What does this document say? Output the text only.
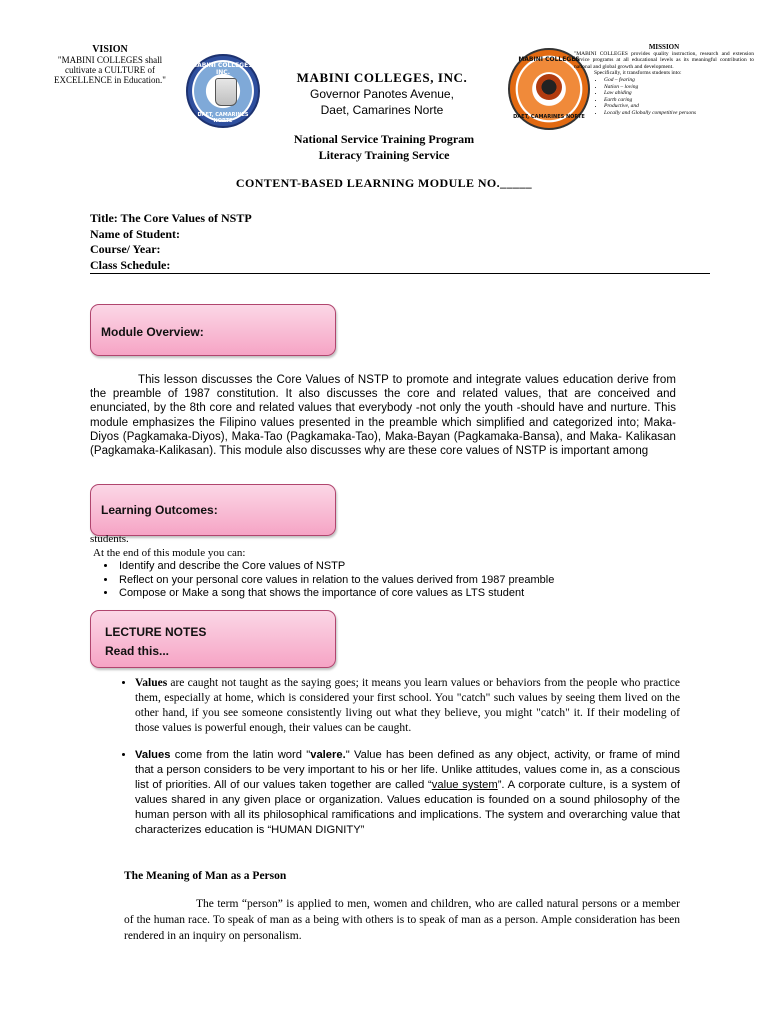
VISION
"MABINI COLLEGES shall
cultivate a CULTURE of
EXCELLENCE in Education."
MABINI COLLEGES, INC.
DAET, CAMARINES NORTE
MABINI COLLEGES, INC.
Governor Panotes Avenue,
Daet, Camarines Norte
MABINI COLLEGES
DAET, CAMARINES NORTE
MISSION
"MABINI COLLEGES provides quality instruction, research and extension service programs at all educational levels as its meaningful contribution to national and global growth and development.
Specifically, it transforms students into:
• God – fearing
• Nation – loving
• Law abiding
• Earth caring
• Productive, and
• Locally and Globally competitive persons
National Service Training Program
Literacy Training Service
CONTENT-BASED LEARNING MODULE NO._____
Title: The Core Values of NSTP
Name of Student:
Course/ Year:
Class Schedule:
Module Overview:

This lesson discusses the Core Values of NSTP to promote and integrate values education derive from the preamble of 1987 constitution. It also discusses the core and related values, that are conceived and enunciated, by the 8th core and related values that everybody -not only the youth -should have and nurture. This module emphasizes the Filipino values presented in the preamble which simplified and categorized into; Maka-Diyos (Pagkamaka-Diyos), Maka-Tao (Pagkamaka-Tao), Maka-Bayan (Pagkamaka-Bansa), and Maka- Kalikasan (Pagkamaka-Kalikasan). This module also discusses why are these core values of NSTP is important among

Learning Outcomes:
students.
At the end of this module you can:
• Identify and describe the Core values of NSTP
• Reflect on your personal core values in relation to the values derived from 1987 preamble
• Compose or Make a song that shows the importance of core values as LTS student
LECTURE NOTES
Read this...
• Values are caught not taught as the saying goes; it means you learn values or behaviors from the people who practice them, especially at home, which is considered your first school. You "catch" such values by seeing them lived on the other hand, if you see someone consistently living out what they believe, you might "catch" it. If their modeling of those values is powerful enough, their values can be caught.
• Values come from the latin word "valere." Value has been defined as any object, activity, or frame of mind that a person considers to be very important to his or her life. Unlike attitudes, values come in, as a conscious list of priorities. All of our values taken together are called “value system”. A corporate culture, is a system of values shared in any given place or organization. Values education is founded on a sound philosophy of the human person with all its philosophical ramifications and implications. The system and overarching value that characterizes education is “HUMAN DIGNITY”
The Meaning of Man as a Person

The term “person” is applied to men, women and children, who are called natural persons or a member of the human race. To speak of man as a being with others is to speak of man as a person. Ample consideration has been rendered in an inquiry on personalism.
